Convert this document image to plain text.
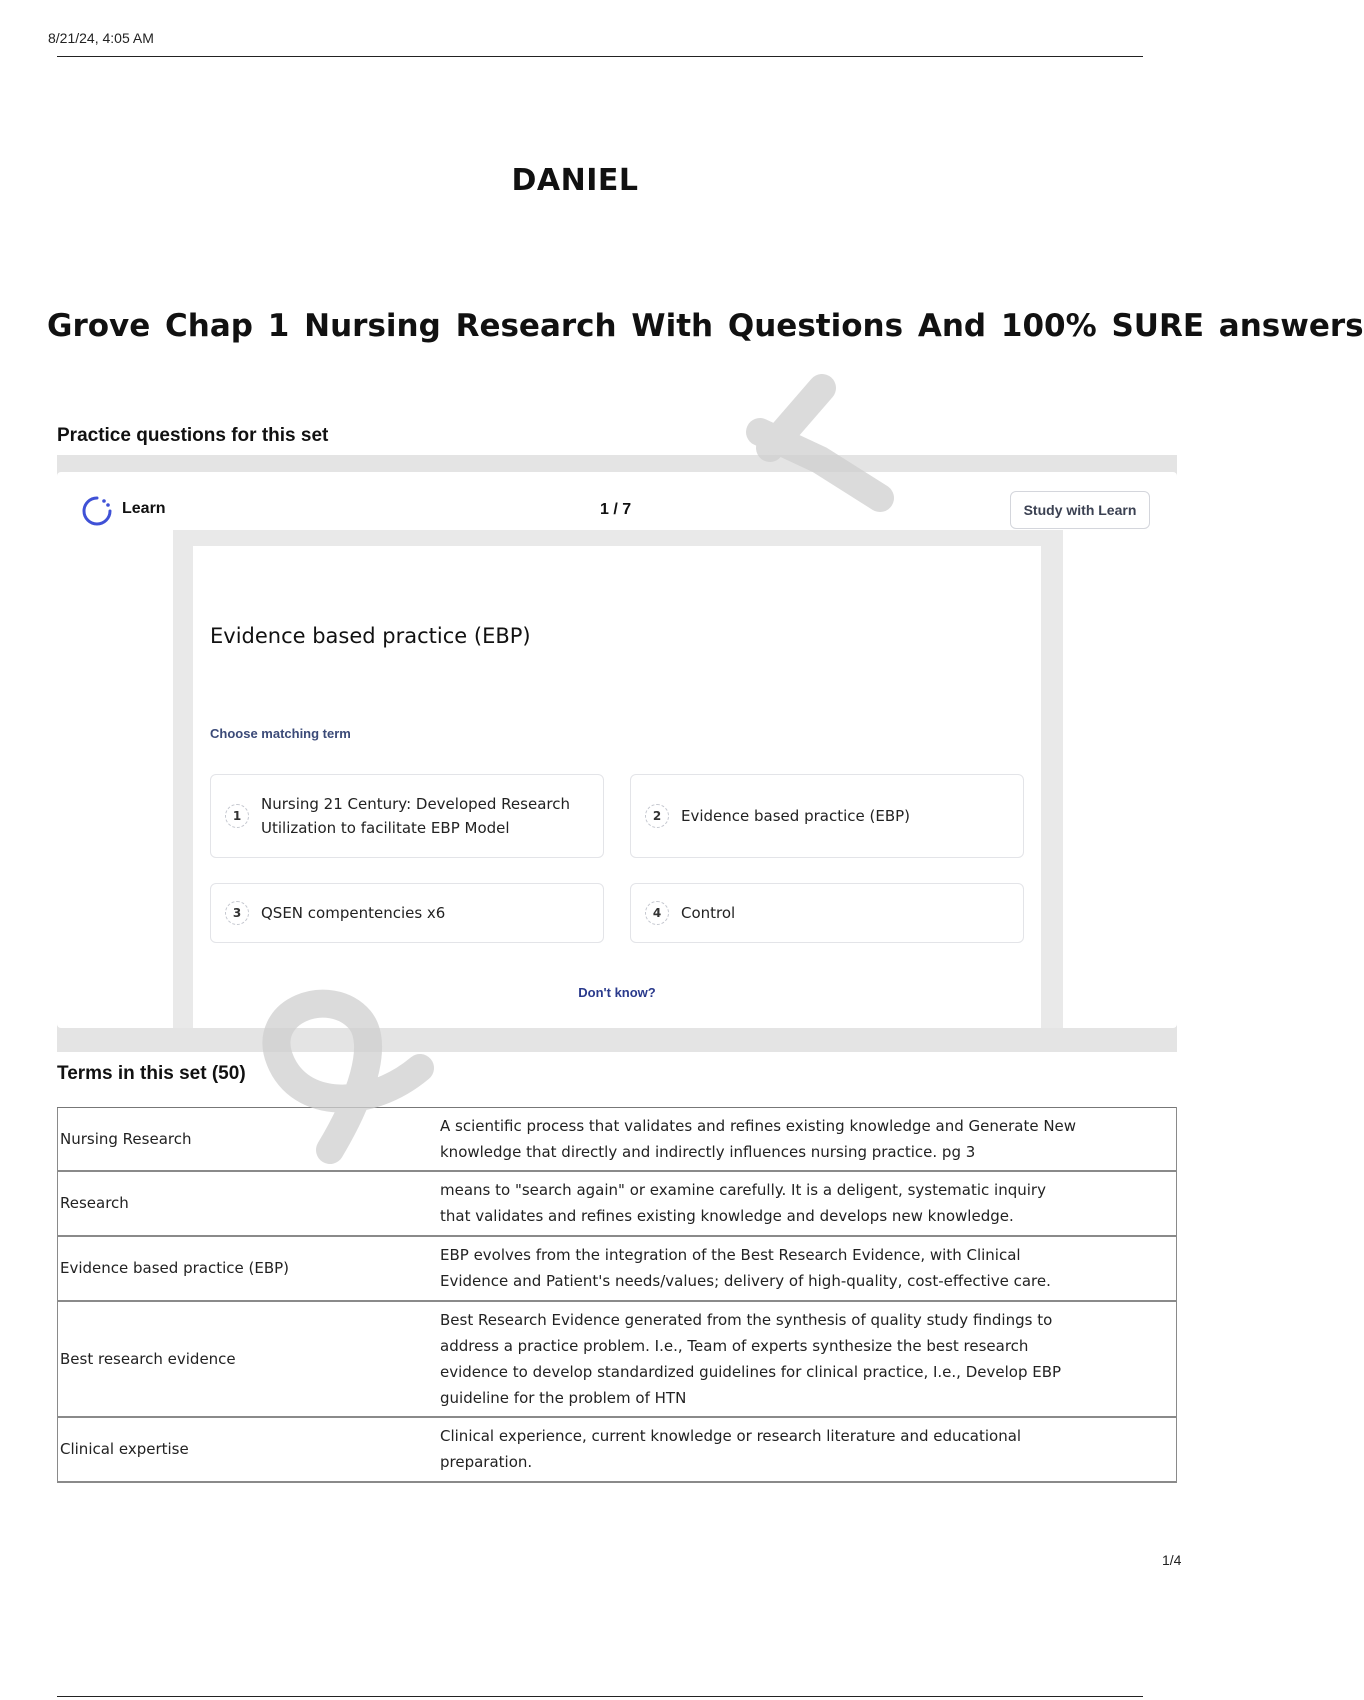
8/21/24, 4:05 AM
DANIEL
Grove Chap 1 Nursing Research With Questions And 100% SURE answers
Practice questions for this set
Learn	1 / 7	Study with Learn
Evidence based practice (EBP)
Choose matching term
1
Nursing 21 Century: Developed Research Utilization to facilitate EBP Model
2	Evidence based practice (EBP)
3	QSEN compentencies x6	4	Control
Don't know?
Terms in this set (50)
Nursing Research	A scientific process that validates and refines existing knowledge and Generate New knowledge that directly and indirectly influences nursing practice. pg 3

Research	means to "search again" or examine carefully. It is a deligent, systematic inquiry that validates and refines existing knowledge and develops new knowledge.

Evidence based practice (EBP)	EBP evolves from the integration of the Best Research Evidence, with Clinical Evidence and Patient's needs/values; delivery of high-quality, cost-effective care.

Best research evidence	Best Research Evidence generated from the synthesis of quality study findings to address a practice problem. I.e., Team of experts synthesize the best research evidence to develop standardized guidelines for clinical practice, I.e., Develop EBP guideline for the problem of HTN

Clinical expertise	Clinical experience, current knowledge or research literature and educational preparation.
1/4
